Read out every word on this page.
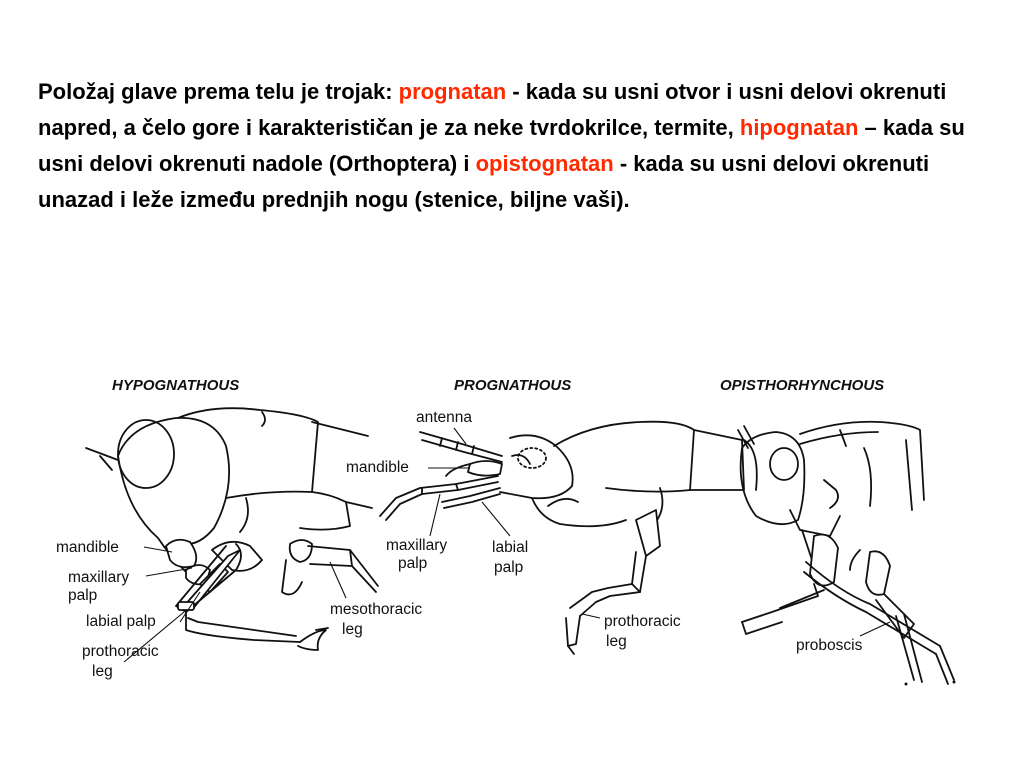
Položaj glave prema telu je trojak: prognatan - kada su usni otvor i usni delovi okrenuti napred, a čelo gore i karakterističan je za neke tvrdokrilce, termite, hipognatan – kada su usni delovi okrenuti nadole (Orthoptera) i opistognatan - kada su usni delovi okrenuti unazad i leže između prednjih nogu (stenice, biljne vaši).

HYPOGNATHOUS
mandible
maxillary
palp
labial palp
prothoracic
leg
mesothoracic
leg
PROGNATHOUS
antenna
mandible
maxillary
palp
labial
palp
prothoracic
leg
OPISTHORHYNCHOUS
proboscis
